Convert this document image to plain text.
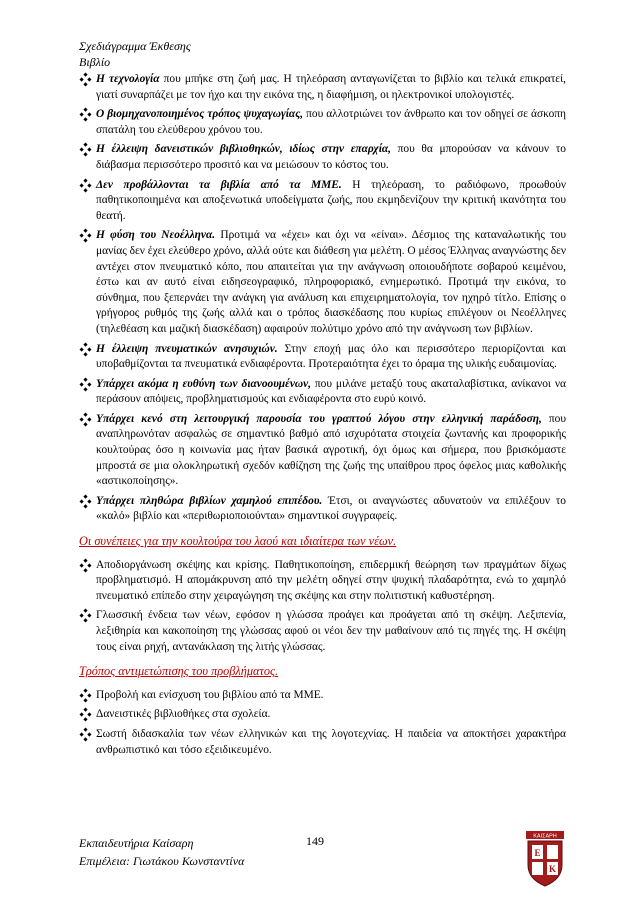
Σχεδιάγραμμα Έκθεσης
Βιβλίο
Η τεχνολογία που μπήκε στη ζωή μας. Η τηλεόραση ανταγωνίζεται το βιβλίο και τελικά επικρατεί, γιατί συναρπάζει με τον ήχο και την εικόνα της, η διαφήμιση, οι ηλεκτρονικοί υπολογιστές.
Ο βιομηχανοποιημένος τρόπος ψυχαγωγίας, που αλλοτριώνει τον άνθρωπο και τον οδηγεί σε άσκοπη σπατάλη του ελεύθερου χρόνου του.
Η έλλειψη δανειστικών βιβλιοθηκών, ιδίως στην επαρχία, που θα μπορούσαν να κάνουν το διάβασμα περισσότερο προσιτό και να μειώσουν το κόστος του.
Δεν προβάλλονται τα βιβλία από τα ΜΜΕ. Η τηλεόραση, το ραδιόφωνο, προωθούν παθητικοποιημένα και αποξενωτικά υποδείγματα ζωής, που εκμηδενίζουν την κριτική ικανότητα του θεατή.
Η φύση του Νεοέλληνα. Προτιμά να «έχει» και όχι να «είναι». Δέσμιος της καταναλωτικής του μανίας δεν έχει ελεύθερο χρόνο, αλλά ούτε και διάθεση για μελέτη. Ο μέσος Έλληνας αναγνώστης δεν αντέχει στον πνευματικό κόπο, που απαιτείται για την ανάγνωση οποιουδήποτε σοβαρού κειμένου, έστω και αν αυτό είναι ειδησεογραφικό, πληροφοριακό, ενημερωτικό. Προτιμά την εικόνα, το σύνθημα, που ξεπερνάει την ανάγκη για ανάλυση και επιχειρηματολογία, τον ηχηρό τίτλο. Επίσης ο γρήγορος ρυθμός της ζωής αλλά και ο τρόπος διασκέδασης που κυρίως επιλέγουν οι Νεοέλληνες (τηλεθέαση και μαζική διασκέδαση) αφαιρούν πολύτιμο χρόνο από την ανάγνωση των βιβλίων.
Η έλλειψη πνευματικών ανησυχιών. Στην εποχή μας όλο και περισσότερο περιορίζονται και υποβαθμίζονται τα πνευματικά ενδιαφέροντα. Προτεραιότητα έχει το όραμα της υλικής ευδαιμονίας.
Υπάρχει ακόμα η ευθύνη των διανοουμένων, που μιλάνε μεταξύ τους ακαταλαβίστικα, ανίκανοι να περάσουν απόψεις, προβληματισμούς και ενδιαφέροντα στο ευρύ κοινό.
Υπάρχει κενό στη λειτουργική παρουσία του γραπτού λόγου στην ελληνική παράδοση, που αναπληρωνόταν ασφαλώς σε σημαντικό βαθμό από ισχυρότατα στοιχεία ζωντανής και προφορικής κουλτούρας όσο η κοινωνία μας ήταν βασικά αγροτική, όχι όμως και σήμερα, που βρισκόμαστε μπροστά σε μια ολοκληρωτική σχεδόν καθίζηση της ζωής της υπαίθρου προς όφελος μιας καθολικής «αστικοποίησης».
Υπάρχει πληθώρα βιβλίων χαμηλού επιπέδου. Έτσι, οι αναγνώστες αδυνατούν να επιλέξουν το «καλό» βιβλίο και «περιθωριοποιούνται» σημαντικοί συγγραφείς.
Οι συνέπειες για την κουλτούρα του λαού και ιδιαίτερα των νέων.
Αποδιοργάνωση σκέψης και κρίσης. Παθητικοποίηση, επιδερμική θεώρηση των πραγμάτων δίχως προβληματισμό. Η απομάκρυνση από την μελέτη οδηγεί στην ψυχική πλαδαρότητα, ενώ το χαμηλό πνευματικό επίπεδο στην χειραγώγηση της σκέψης και στην πολιτιστική καθυστέρηση.
Γλωσσική ένδεια των νέων, εφόσον η γλώσσα προάγει και προάγεται από τη σκέψη. Λεξιπενία, λεξιθηρία και κακοποίηση της γλώσσας αφού οι νέοι δεν την μαθαίνουν από τις πηγές της. Η σκέψη τους είναι ρηχή, αντανάκλαση της λιτής γλώσσας.
Τρόπος αντιμετώπισης του προβλήματος.
Προβολή και ενίσχυση του βιβλίου από τα ΜΜΕ.
Δανειστικές βιβλιοθήκες στα σχολεία.
Σωστή διδασκαλία των νέων ελληνικών και της λογοτεχνίας. Η παιδεία να αποκτήσει χαρακτήρα ανθρωπιστικό και τόσο εξειδικευμένο.
Εκπαιδευτήρια Καίσαρη
Επιμέλεια: Γιωτάκου Κωνσταντίνα
149	ΚΑΙΣΑΡΗ
E
K
